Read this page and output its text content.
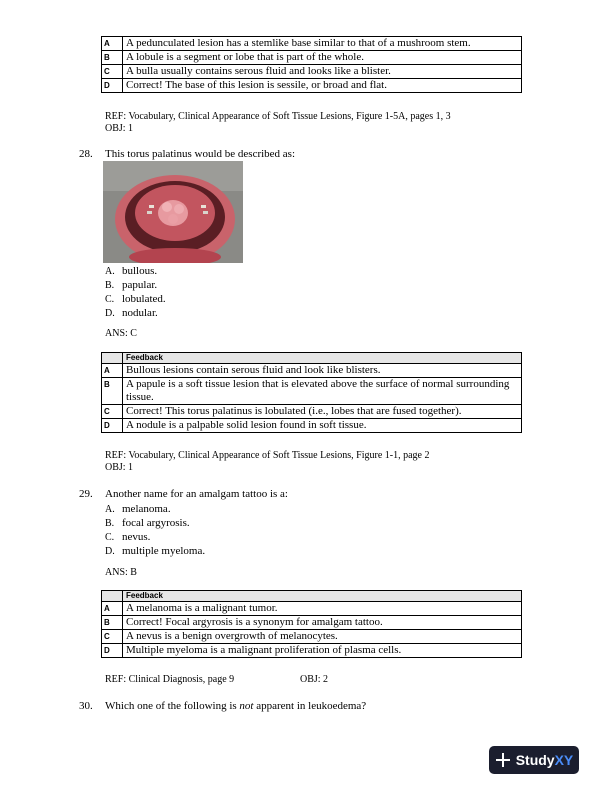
A	A pedunculated lesion has a stemlike base similar to that of a mushroom stem.
B	A lobule is a segment or lobe that is part of the whole.
C	A bulla usually contains serous fluid and looks like a blister.
D	Correct! The base of this lesion is sessile, or broad and flat.
REF: Vocabulary, Clinical Appearance of Soft Tissue Lesions, Figure 1-5A, pages 1, 3
OBJ: 1
28. This torus palatinus would be described as:
A. bullous.
B. papular.
C. lobulated.
D. nodular.
ANS: C
	Feedback
A	Bullous lesions contain serous fluid and look like blisters.
B	A papule is a soft tissue lesion that is elevated above the surface of normal surrounding tissue.
C	Correct! This torus palatinus is lobulated (i.e., lobes that are fused together).
D	A nodule is a palpable solid lesion found in soft tissue.
REF: Vocabulary, Clinical Appearance of Soft Tissue Lesions, Figure 1-1, page 2
OBJ: 1
29. Another name for an amalgam tattoo is a:
A. melanoma.
B. focal argyrosis.
C. nevus.
D. multiple myeloma.
ANS: B
	Feedback
A	A melanoma is a malignant tumor.
B	Correct! Focal argyrosis is a synonym for amalgam tattoo.
C	A nevus is a benign overgrowth of melanocytes.
D	Multiple myeloma is a malignant proliferation of plasma cells.
REF: Clinical Diagnosis, page 9	OBJ: 2
30. Which one of the following is not apparent in leukoedema?
Study XY
